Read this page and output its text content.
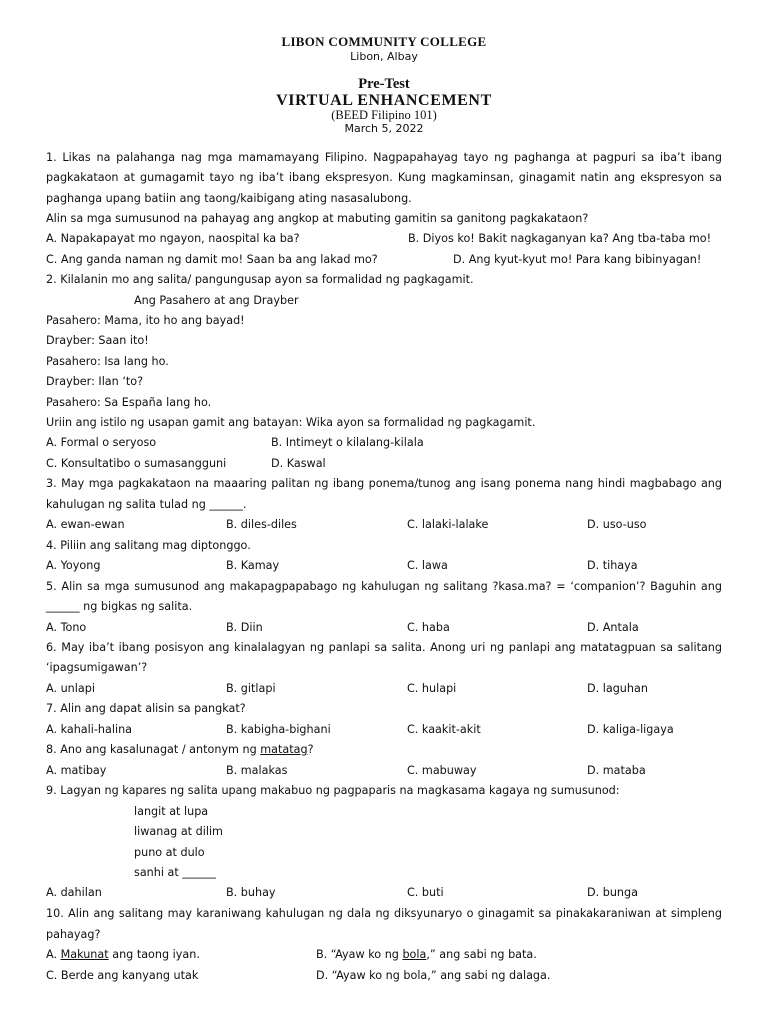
LIBON COMMUNITY COLLEGE
Libon, Albay
Pre-Test
VIRTUAL ENHANCEMENT
(BEED Filipino 101)
March 5, 2022
1. Likas na palahanga nag mga mamamayang Filipino. Nagpapahayag tayo ng paghanga at pagpuri sa iba’t ibang
pagkakataon at gumagamit tayo ng iba’t ibang ekspresyon. Kung magkaminsan, ginagamit natin ang ekspresyon sa
paghanga upang batiin ang taong/kaibigang ating nasasalubong.
Alin sa mga sumusunod na pahayag ang angkop at mabuting gamitin sa ganitong pagkakataon?
A. Napakapayat mo ngayon, naospital ka ba?	B. Diyos ko! Bakit nagkaganyan ka? Ang tba-taba mo!
C. Ang ganda naman ng damit mo! Saan ba ang lakad mo?	D. Ang kyut-kyut mo! Para kang bibinyagan!
2. Kilalanin mo ang salita/ pangungusap ayon sa formalidad ng pagkagamit.
Ang Pasahero at ang Drayber
Pasahero: Mama, ito ho ang bayad!
Drayber: Saan ito!
Pasahero: Isa lang ho.
Drayber: Ilan ‘to?
Pasahero: Sa España lang ho.
Uriin ang istilo ng usapan gamit ang batayan: Wika ayon sa formalidad ng pagkagamit.
A. Formal o seryoso	B. Intimeyt o kilalang-kilala
C. Konsultatibo o sumasangguni	D. Kaswal
3. May mga pagkakataon na maaaring palitan ng ibang ponema/tunog ang isang ponema nang hindi magbabago ang
kahulugan ng salita tulad ng ______.
A. ewan-ewan	B. diles-diles	C. lalaki-lalake	D. uso-uso
4. Piliin ang salitang mag diptonggo.
A. Yoyong	B. Kamay	C. lawa	D. tihaya
5. Alin sa mga sumusunod ang makapagpapabago ng kahulugan ng salitang ?kasa.ma? = ‘companion’? Baguhin ang
______ ng bigkas ng salita.
A. Tono	B. Diin	C. haba	D. Antala
6. May iba’t ibang posisyon ang kinalalagyan ng panlapi sa salita. Anong uri ng panlapi ang matatagpuan sa salitang
‘ipagsumigawan’?
A. unlapi	B. gitlapi	C. hulapi	D. laguhan
7. Alin ang dapat alisin sa pangkat?
A. kahali-halina	B. kabigha-bighani	C. kaakit-akit	D. kaliga-ligaya
8. Ano ang kasalunagat / antonym ng matatag?
A. matibay	B. malakas	C. mabuway	D. mataba
9. Lagyan ng kapares ng salita upang makabuo ng pagpaparis na magkasama kagaya ng sumusunod:
langit at lupa
liwanag at dilim
puno at dulo
sanhi at ______
A. dahilan	B. buhay	C. buti	D. bunga
10. Alin ang salitang may karaniwang kahulugan ng dala ng diksyunaryo o ginagamit sa pinakakaraniwan at simpleng
pahayag?
A. Makunat ang taong iyan.	B. “Ayaw ko ng bola,” ang sabi ng bata.
C. Berde ang kanyang utak	D. “Ayaw ko ng bola,” ang sabi ng dalaga.
